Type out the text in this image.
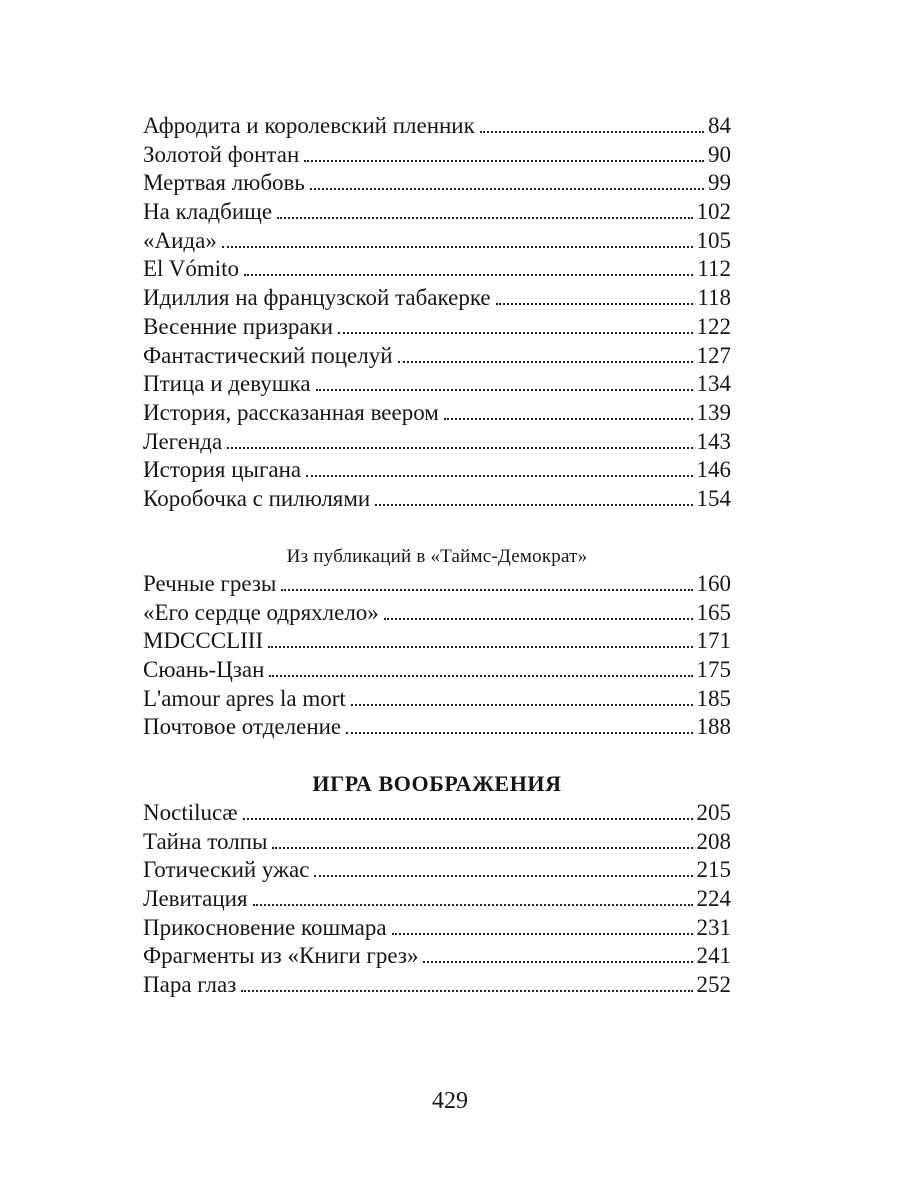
Афродита и королевский пленник	84
Золотой фонтан	90
Мертвая любовь	99
На кладбище	102
«Аида»	105
El Vómito	112
Идиллия на французской табакерке	118
Весенние призраки	122
Фантастический поцелуй	127
Птица и девушка	134
История, рассказанная веером	139
Легенда	143
История цыгана	146
Коробочка с пилюлями	154
Из публикаций в «Таймс-Демократ»
Речные грезы	160
«Его сердце одряхлело»	165
MDCCCLIII	171
Сюань-Цзан	175
L'amour apres la mort	185
Почтовое отделение	188
ИГРА ВООБРАЖЕНИЯ
Noctilucæ	205
Тайна толпы	208
Готический ужас	215
Левитация	224
Прикосновение кошмара	231
Фрагменты из «Книги грез»	241
Пара глаз	252
429
